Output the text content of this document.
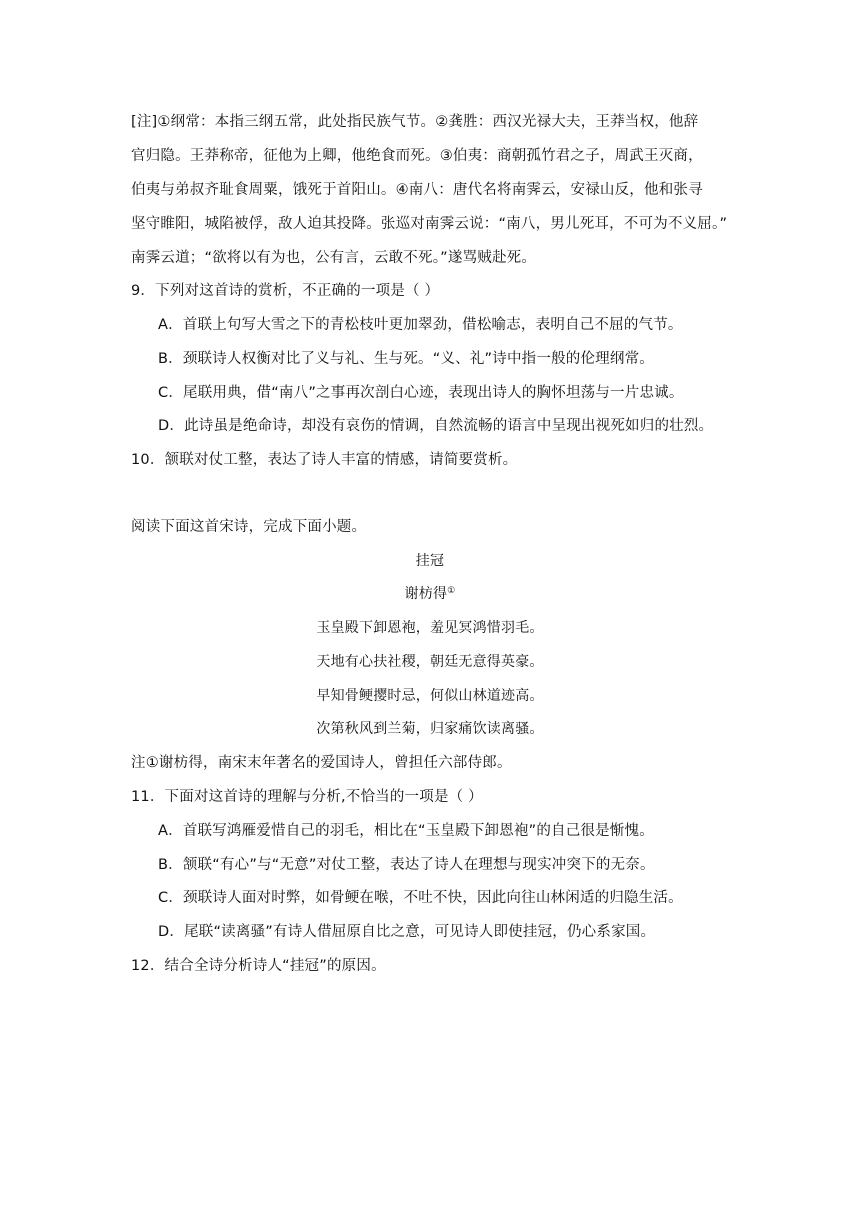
[注]①纲常：本指三纲五常，此处指民族气节。②龚胜：西汉光禄大夫，王莽当权，他辞
官归隐。王莽称帝，征他为上卿，他绝食而死。③伯夷：商朝孤竹君之子，周武王灭商，
伯夷与弟叔齐耻食周粟，饿死于首阳山。④南八：唐代名将南霁云，安禄山反，他和张寻
坚守睢阳，城陷被俘，敌人迫其投降。张巡对南霁云说：“南八，男儿死耳，不可为不义屈。”
南霁云道；“欲将以有为也，公有言，云敢不死。”遂骂贼赴死。
9．下列对这首诗的赏析，不正确的一项是（ ）
A．首联上句写大雪之下的青松枝叶更加翠劲，借松喻志，表明自己不屈的气节。
B．颈联诗人权衡对比了义与礼、生与死。“义、礼”诗中指一般的伦理纲常。
C．尾联用典，借“南八”之事再次剖白心迹，表现出诗人的胸怀坦荡与一片忠诚。
D．此诗虽是绝命诗，却没有哀伤的情调，自然流畅的语言中呈现出视死如归的壮烈。
10．颔联对仗工整，表达了诗人丰富的情感，请简要赏析。
阅读下面这首宋诗，完成下面小题。
挂冠
谢枋得①
玉皇殿下卸恩袍，羞见冥鸿惜羽毛。
天地有心扶社稷，朝廷无意得英豪。
早知骨鲠撄时忌，何似山林道迹高。
次第秋风到兰菊，归家痛饮读离骚。
注①谢枋得，南宋末年著名的爱国诗人，曾担任六部侍郎。
11．下面对这首诗的理解与分析,不恰当的一项是（ ）
A．首联写鸿雁爱惜自己的羽毛，相比在“玉皇殿下卸恩袍”的自己很是惭愧。
B．颔联“有心”与“无意”对仗工整，表达了诗人在理想与现实冲突下的无奈。
C．颈联诗人面对时弊，如骨鲠在喉，不吐不快，因此向往山林闲适的归隐生活。
D．尾联“读离骚”有诗人借屈原自比之意，可见诗人即使挂冠，仍心系家国。
12．结合全诗分析诗人“挂冠”的原因。
